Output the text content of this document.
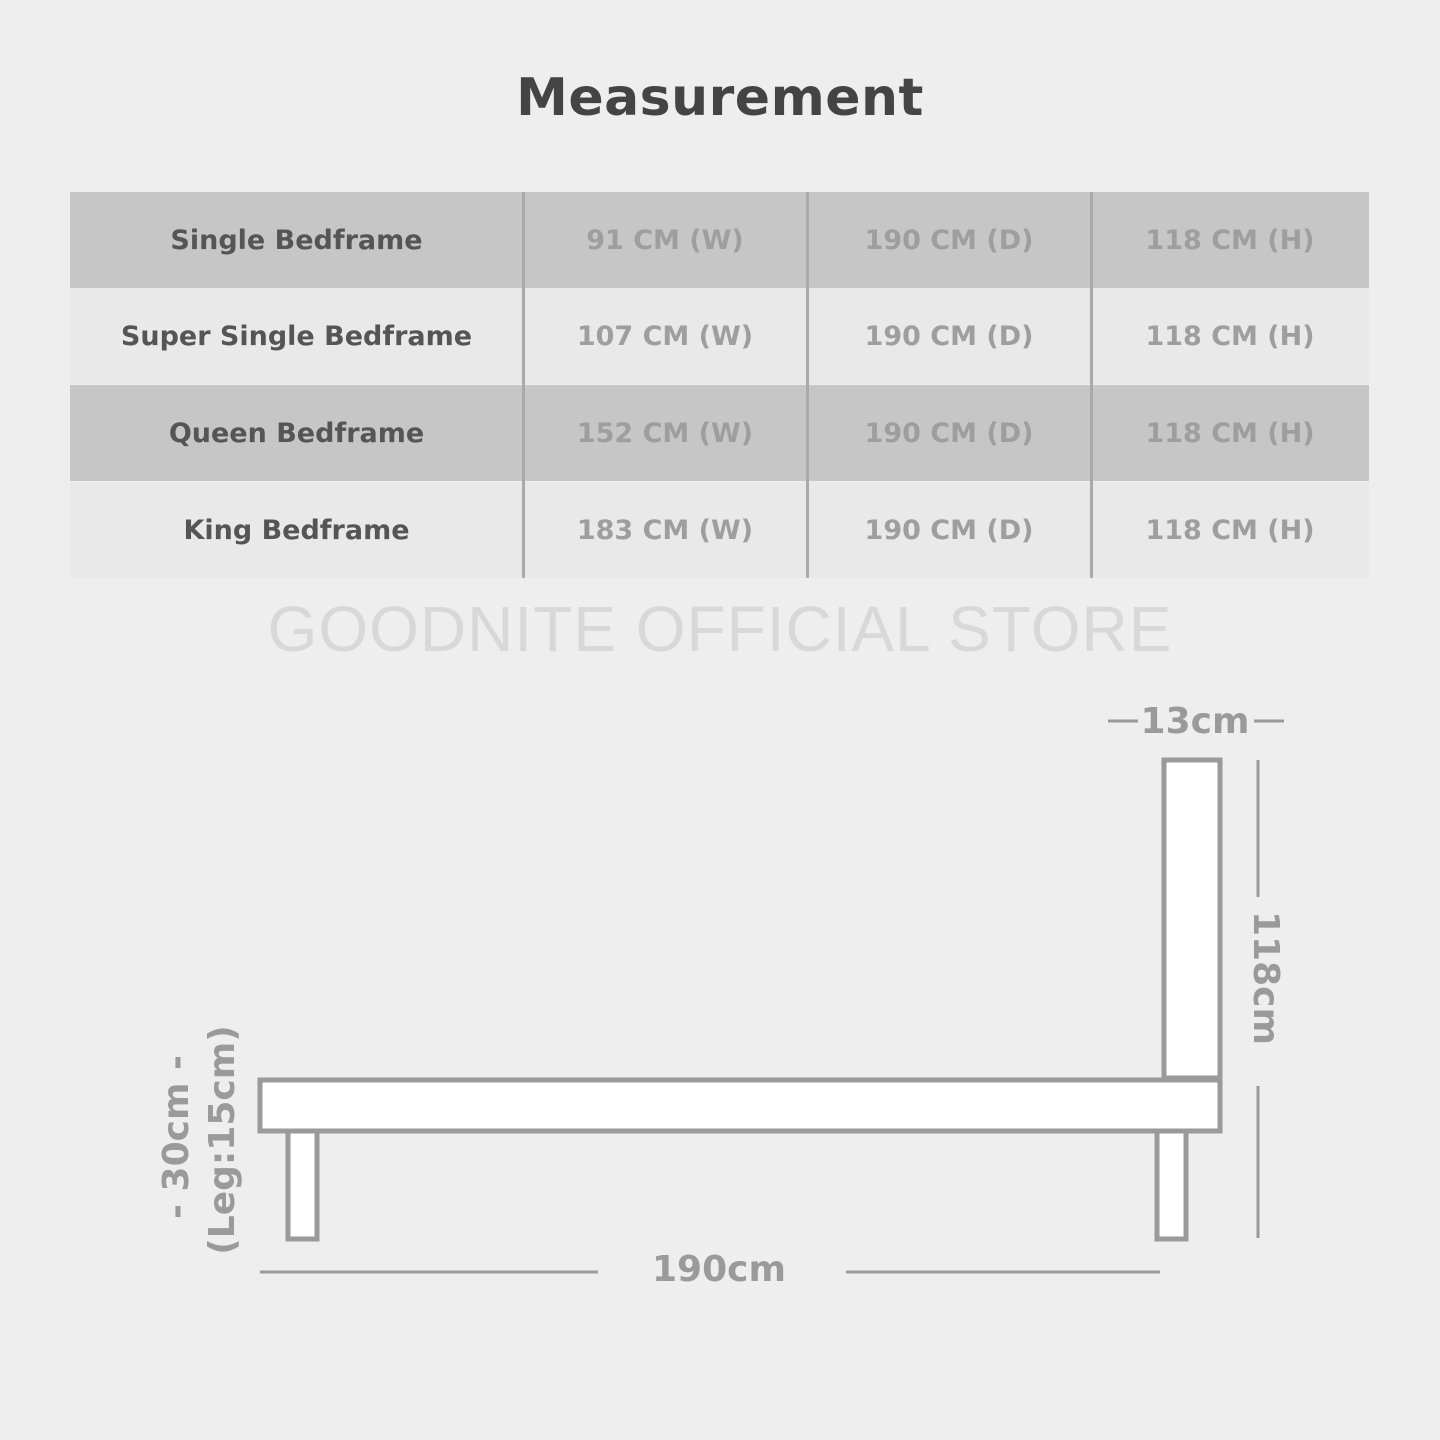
Measurement
Single Bedframe	91 CM (W)	190 CM (D)	118 CM (H)
Super Single Bedframe	107 CM (W)	190 CM (D)	118 CM (H)
Queen Bedframe	152 CM (W)	190 CM (D)	118 CM (H)
King Bedframe	183 CM (W)	190 CM (D)	118 CM (H)
GOODNITE OFFICIAL STORE
13cm
118cm
190cm
- 30cm - (Leg:15cm)
